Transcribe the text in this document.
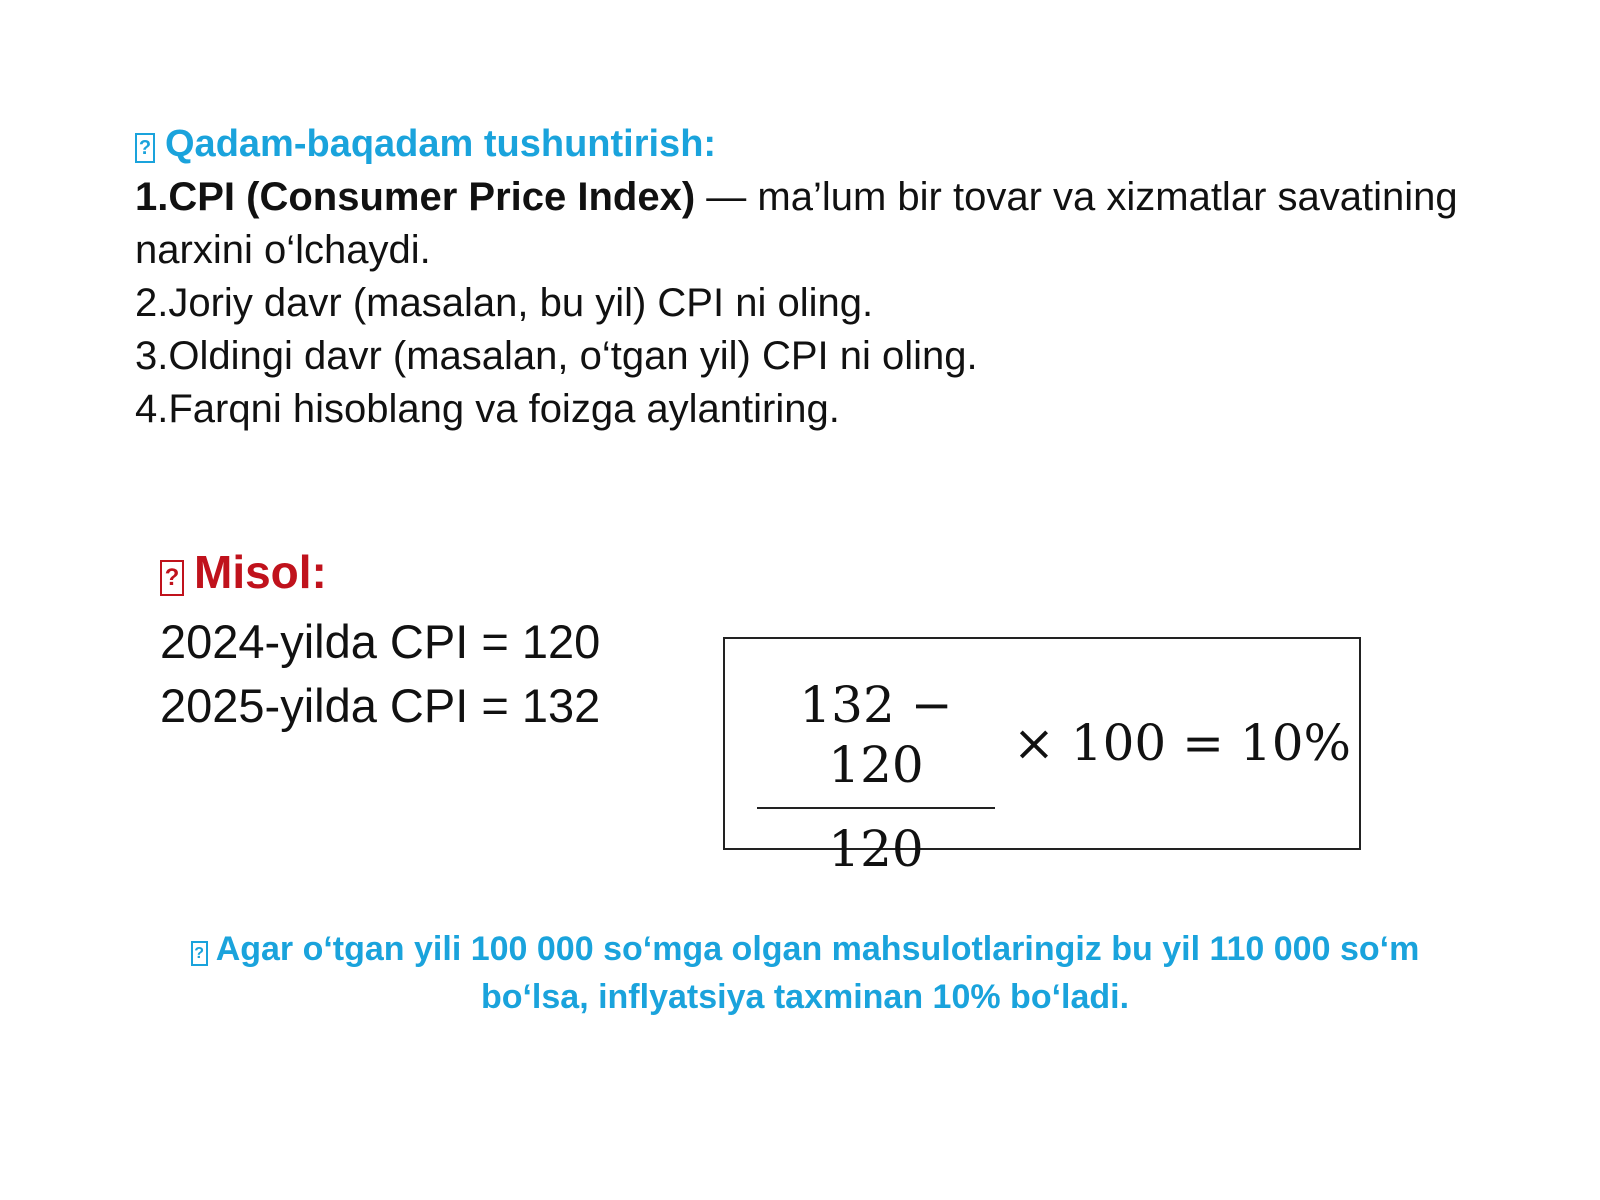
? Qadam-baqadam tushuntirish:
1.CPI (Consumer Price Index) — ma’lum bir tovar va xizmatlar savatining narxini o‘lchaydi.
2.Joriy davr (masalan, bu yil) CPI ni oling.
3.Oldingi davr (masalan, o‘tgan yil) CPI ni oling.
4.Farqni hisoblang va foizga aylantiring.
? Misol:
2024-yilda CPI = 120
2025-yilda CPI = 132	132 − 120
120
× 100 = 10%
? Agar o‘tgan yili 100 000 so‘mga olgan mahsulotlaringiz bu yil 110 000 so‘m bo‘lsa, inflyatsiya taxminan 10% bo‘ladi.
